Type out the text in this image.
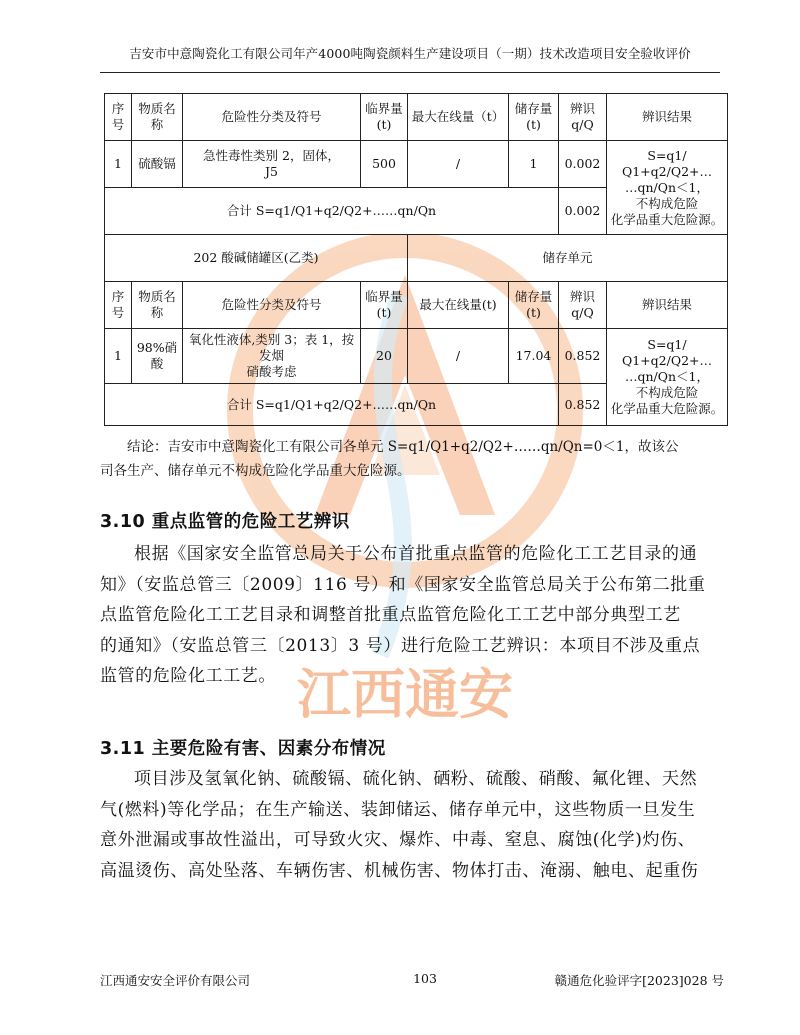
吉安市中意陶瓷化工有限公司年产4000吨陶瓷颜料生产建设项目（一期）技术改造项目安全验收评价
江西通安
序号	物质名称	危险性分类及符号	临界量(t)	最大在线量（t）	储存量(t)	辨识q/Q	辨识结果
1	硫酸镉	急性毒性类别 2，固体，
J5	500	/	1	0.002	S=q1/
Q1+q2/Q2+…
…qn/Qn＜1，
不构成危险
化学品重大危险源。
合计 S=q1/Q1+q2/Q2+……qn/Qn						0.002	
202 酸碱储罐区(乙类)				储存单元			
序号	物质名称	危险性分类及符号	临界量(t)	最大在线量(t)	储存量(t)	辨识q/Q	辨识结果
1	98%硝
酸	氧化性液体,类别 3；表 1，按
发烟
硝酸考虑	20	/	17.04	0.852	S=q1/
Q1+q2/Q2+…
…qn/Qn＜1，
不构成危险
化学品重大危险源。
合计 S=q1/Q1+q2/Q2+……qn/Qn						0.852	
结论：吉安市中意陶瓷化工有限公司各单元 S=q1/Q1+q2/Q2+……qn/Qn=0＜1，故该公
司各生产、储存单元不构成危险化学品重大危险源。
3.10 重点监管的危险工艺辨识
根据《国家安全监管总局关于公布首批重点监管的危险化工工艺目录的通
知》（安监总管三〔2009〕116 号）和《国家安全监管总局关于公布第二批重
点监管危险化工工艺目录和调整首批重点监管危险化工工艺中部分典型工艺
的通知》（安监总管三〔2013〕3 号）进行危险工艺辨识：本项目不涉及重点
监管的危险化工工艺。
3.11 主要危险有害、因素分布情况
项目涉及氢氧化钠、硫酸镉、硫化钠、硒粉、硫酸、硝酸、氟化锂、天然
气(燃料)等化学品；在生产输送、装卸储运、储存单元中，这些物质一旦发生
意外泄漏或事故性溢出，可导致火灾、爆炸、中毒、窒息、腐蚀(化学)灼伤、
高温烫伤、高处坠落、车辆伤害、机械伤害、物体打击、淹溺、触电、起重伤
江西通安安全评价有限公司	103	赣通危化验评字[2023]028 号
